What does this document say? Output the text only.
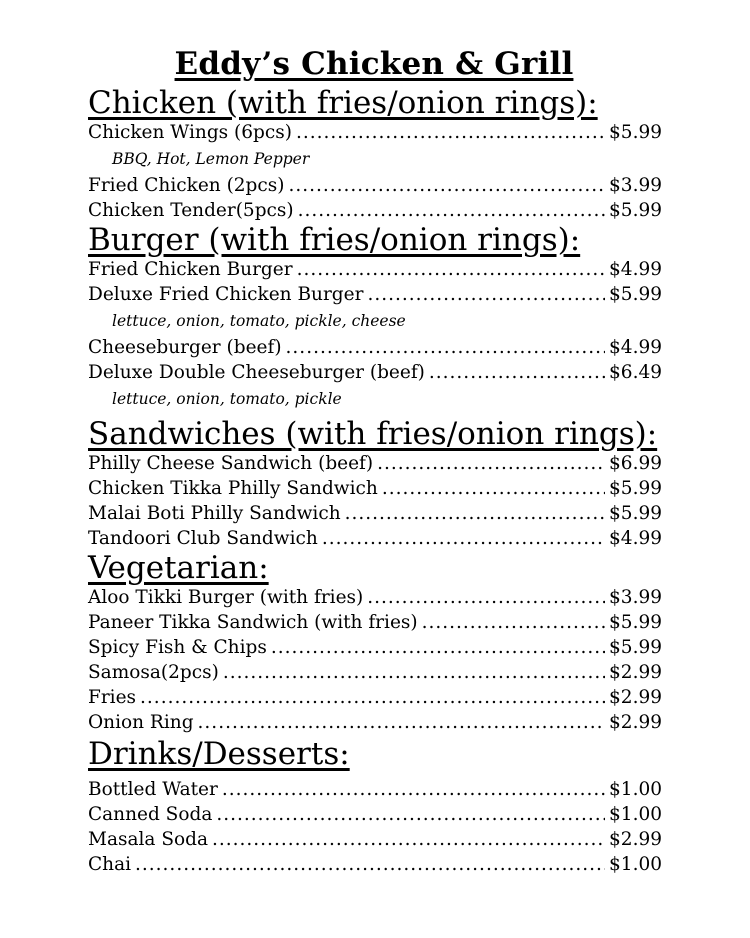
Eddy’s Chicken & Grill
Chicken (with fries/onion rings):
Chicken Wings (6pcs) .....	$5.99
BBQ, Hot, Lemon Pepper
Fried Chicken (2pcs) .....	$3.99
Chicken Tender(5pcs) .....	$5.99
Burger (with fries/onion rings):
Fried Chicken Burger .....	$4.99
Deluxe Fried Chicken Burger .....	$5.99
lettuce, onion, tomato, pickle, cheese
Cheeseburger (beef) .....	$4.99
Deluxe Double Cheeseburger (beef) .....	$6.49
lettuce, onion, tomato, pickle
Sandwiches (with fries/onion rings):
Philly Cheese Sandwich (beef) .....	$6.99
Chicken Tikka Philly Sandwich .....	$5.99
Malai Boti Philly Sandwich .....	$5.99
Tandoori Club Sandwich .....	$4.99
Vegetarian:
Aloo Tikki Burger (with fries) .....	$3.99
Paneer Tikka Sandwich (with fries) .....	$5.99
Spicy Fish & Chips .....	$5.99
Samosa(2pcs) .....	$2.99
Fries .....	$2.99
Onion Ring .....	$2.99
Drinks/Desserts:
Bottled Water .....	$1.00
Canned Soda .....	$1.00
Masala Soda .....	$2.99
Chai .....	$1.00
